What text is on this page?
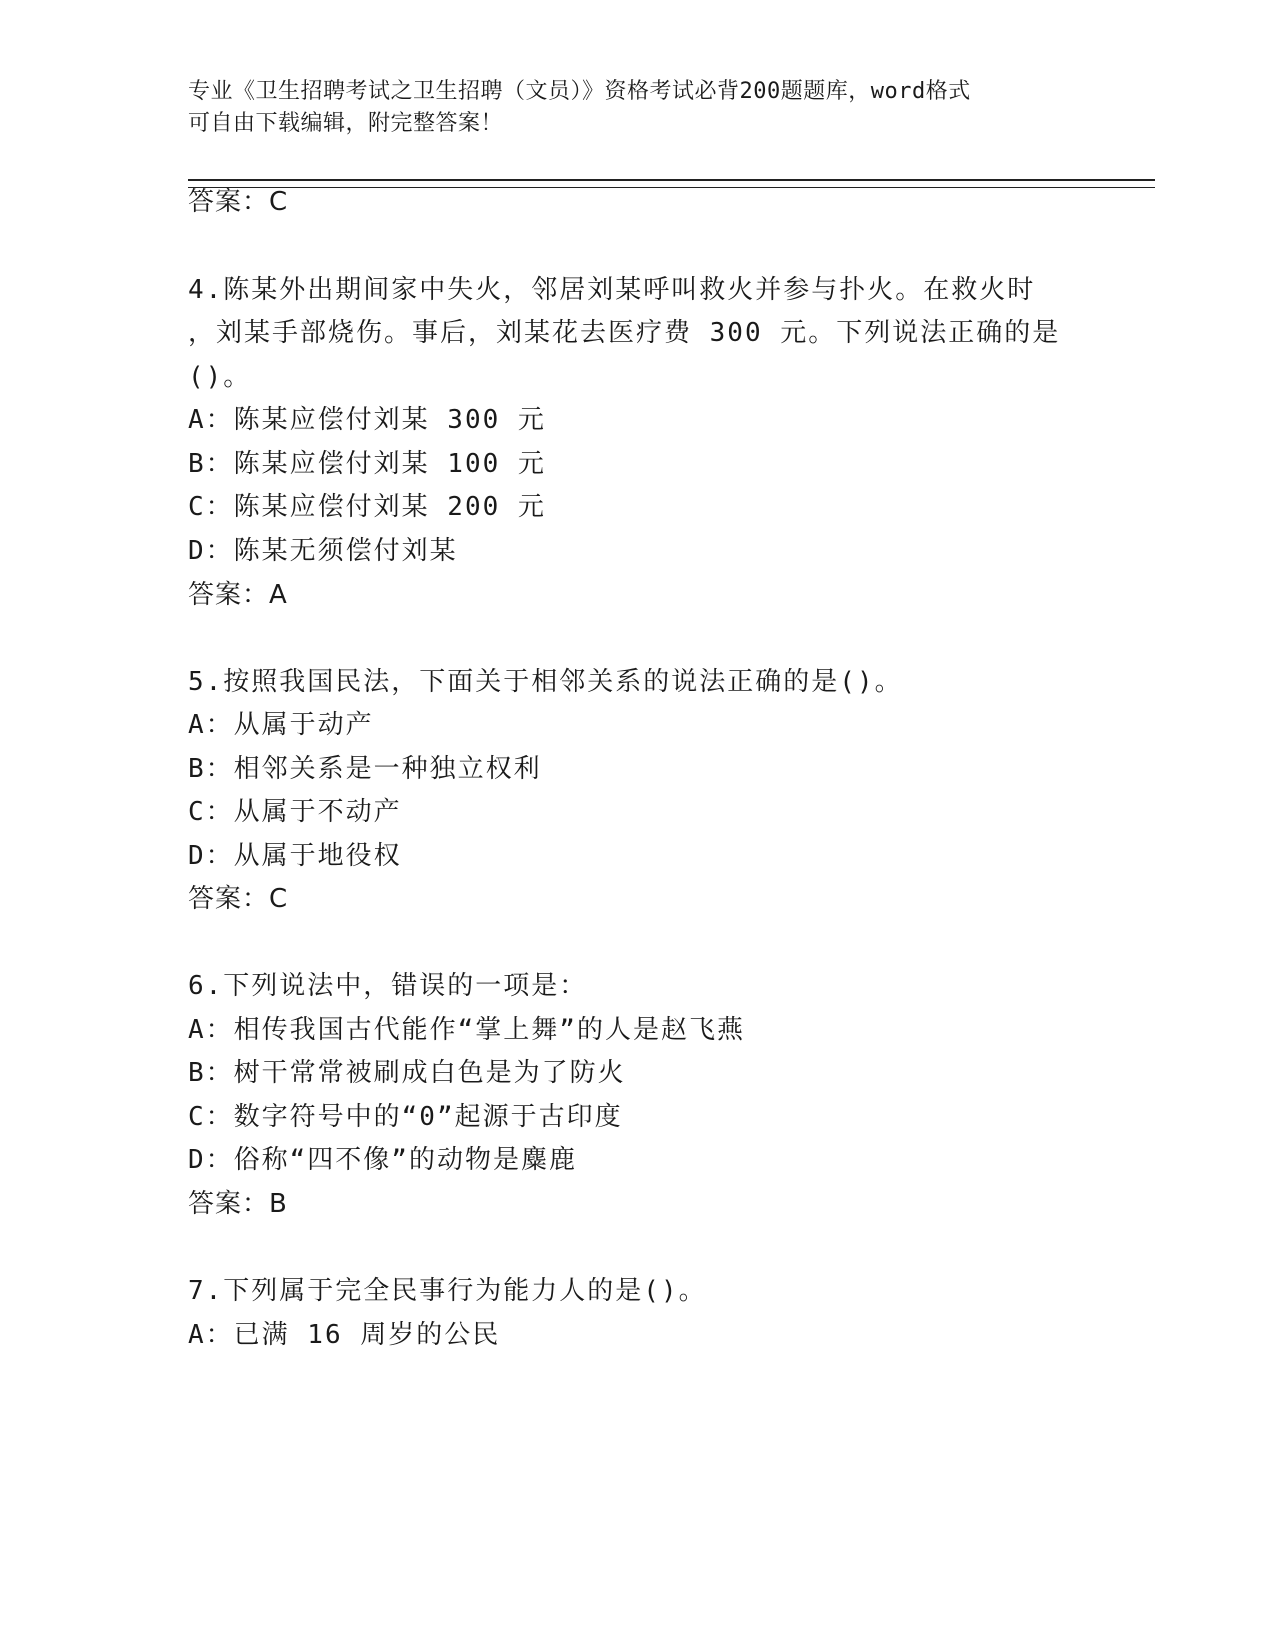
专业《卫生招聘考试之卫生招聘（文员）》资格考试必背200题题库，word格式
可自由下载编辑，附完整答案！
答案：C
4.陈某外出期间家中失火，邻居刘某呼叫救火并参与扑火。在救火时
，刘某手部烧伤。事后，刘某花去医疗费 300 元。下列说法正确的是
()。
A：陈某应偿付刘某 300 元
B：陈某应偿付刘某 100 元
C：陈某应偿付刘某 200 元
D：陈某无须偿付刘某
答案：A
5.按照我国民法，下面关于相邻关系的说法正确的是()。
A：从属于动产
B：相邻关系是一种独立权利
C：从属于不动产
D：从属于地役权
答案：C
6.下列说法中，错误的一项是：
A：相传我国古代能作“掌上舞”的人是赵飞燕
B：树干常常被刷成白色是为了防火
C：数字符号中的“0”起源于古印度
D：俗称“四不像”的动物是麋鹿
答案：B
7.下列属于完全民事行为能力人的是()。
A：已满 16 周岁的公民
